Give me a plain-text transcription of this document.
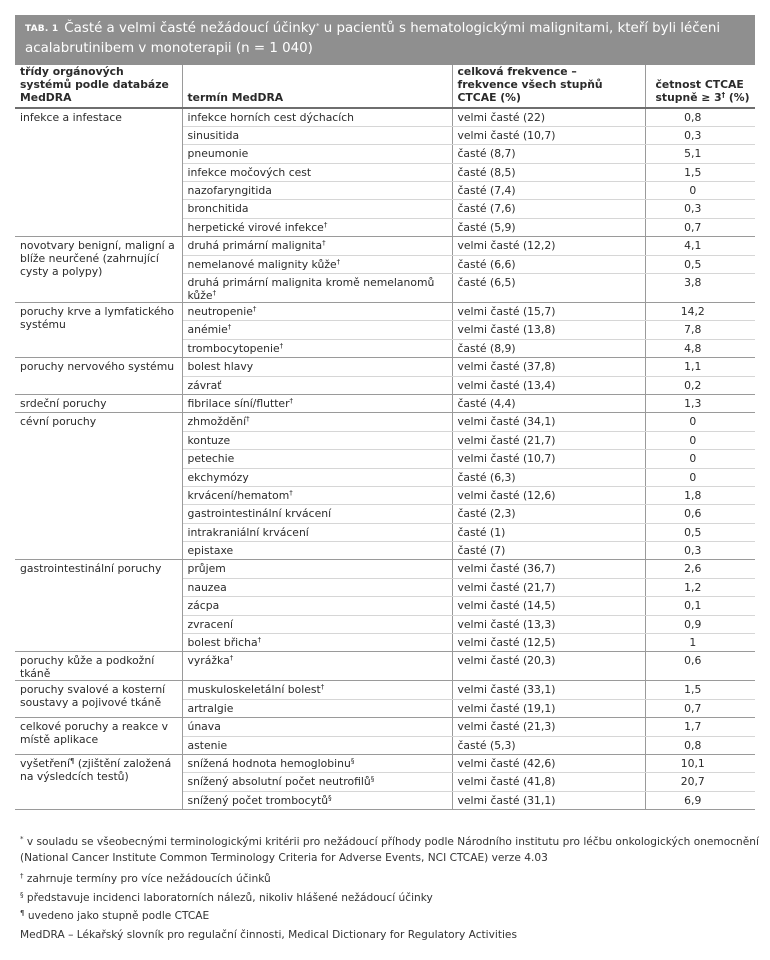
TAB. 1 Časté a velmi časté nežádoucí účinky* u pacientů s hematologickými malignitami, kteří byli léčeni acalabrutinibem v monoterapii (n = 1 040)
třídy orgánových systémů podle databáze MedDRA	termín MedDRA	celková frekvence – frekvence všech stupňů CTCAE (%)	četnost CTCAE stupně ≥ 3† (%)
infekce a infestace	infekce horních cest dýchacích	velmi časté (22)	0,8
	sinusitida	velmi časté (10,7)	0,3
	pneumonie	časté (8,7)	5,1
	infekce močových cest	časté (8,5)	1,5
	nazofaryngitida	časté (7,4)	0
	bronchitida	časté (7,6)	0,3
	herpetické virové infekce†	časté (5,9)	0,7
novotvary benigní, maligní a blíže neurčené (zahrnující cysty a polypy)	druhá primární malignita†	velmi časté (12,2)	4,1
	nemelanové malignity kůže†	časté (6,6)	0,5
	druhá primární malignita kromě nemelanomů kůže†	časté (6,5)	3,8
poruchy krve a lymfatického systému	neutropenie†	velmi časté (15,7)	14,2
	anémie†	velmi časté (13,8)	7,8
	trombocytopenie†	časté (8,9)	4,8
poruchy nervového systému	bolest hlavy	velmi časté (37,8)	1,1
	závrať	velmi časté (13,4)	0,2
srdeční poruchy	fibrilace síní/flutter†	časté (4,4)	1,3
cévní poruchy	zhmoždění†	velmi časté (34,1)	0
	kontuze	velmi časté (21,7)	0
	petechie	velmi časté (10,7)	0
	ekchymózy	časté (6,3)	0
	krvácení/hematom†	velmi časté (12,6)	1,8
	gastrointestinální krvácení	časté (2,3)	0,6
	intrakraniální krvácení	časté (1)	0,5
	epistaxe	časté (7)	0,3
gastrointestinální poruchy	průjem	velmi časté (36,7)	2,6
	nauzea	velmi časté (21,7)	1,2
	zácpa	velmi časté (14,5)	0,1
	zvracení	velmi časté (13,3)	0,9
	bolest břicha†	velmi časté (12,5)	1
poruchy kůže a podkožní tkáně	vyrážka†	velmi časté (20,3)	0,6
poruchy svalové a kosterní soustavy a pojivové tkáně	muskuloskeletální bolest†	velmi časté (33,1)	1,5
	artralgie	velmi časté (19,1)	0,7
celkové poruchy a reakce v místě aplikace	únava	velmi časté (21,3)	1,7
	astenie	časté (5,3)	0,8
vyšetření¶ (zjištění založená na výsledcích testů)	snížená hodnota hemoglobinu§	velmi časté (42,6)	10,1
	snížený absolutní počet neutrofilů§	velmi časté (41,8)	20,7
	snížený počet trombocytů§	velmi časté (31,1)	6,9

* v souladu se všeobecnými terminologickými kritérii pro nežádoucí příhody podle Národního institutu pro léčbu onkologických onemocnění (National Cancer Institute Common Terminology Criteria for Adverse Events, NCI CTCAE) verze 4.03

† zahrnuje termíny pro více nežádoucích účinků

§ představuje incidenci laboratorních nálezů, nikoliv hlášené nežádoucí účinky

¶ uvedeno jako stupně podle CTCAE

MedDRA – Lékařský slovník pro regulační činnosti, Medical Dictionary for Regulatory Activities
